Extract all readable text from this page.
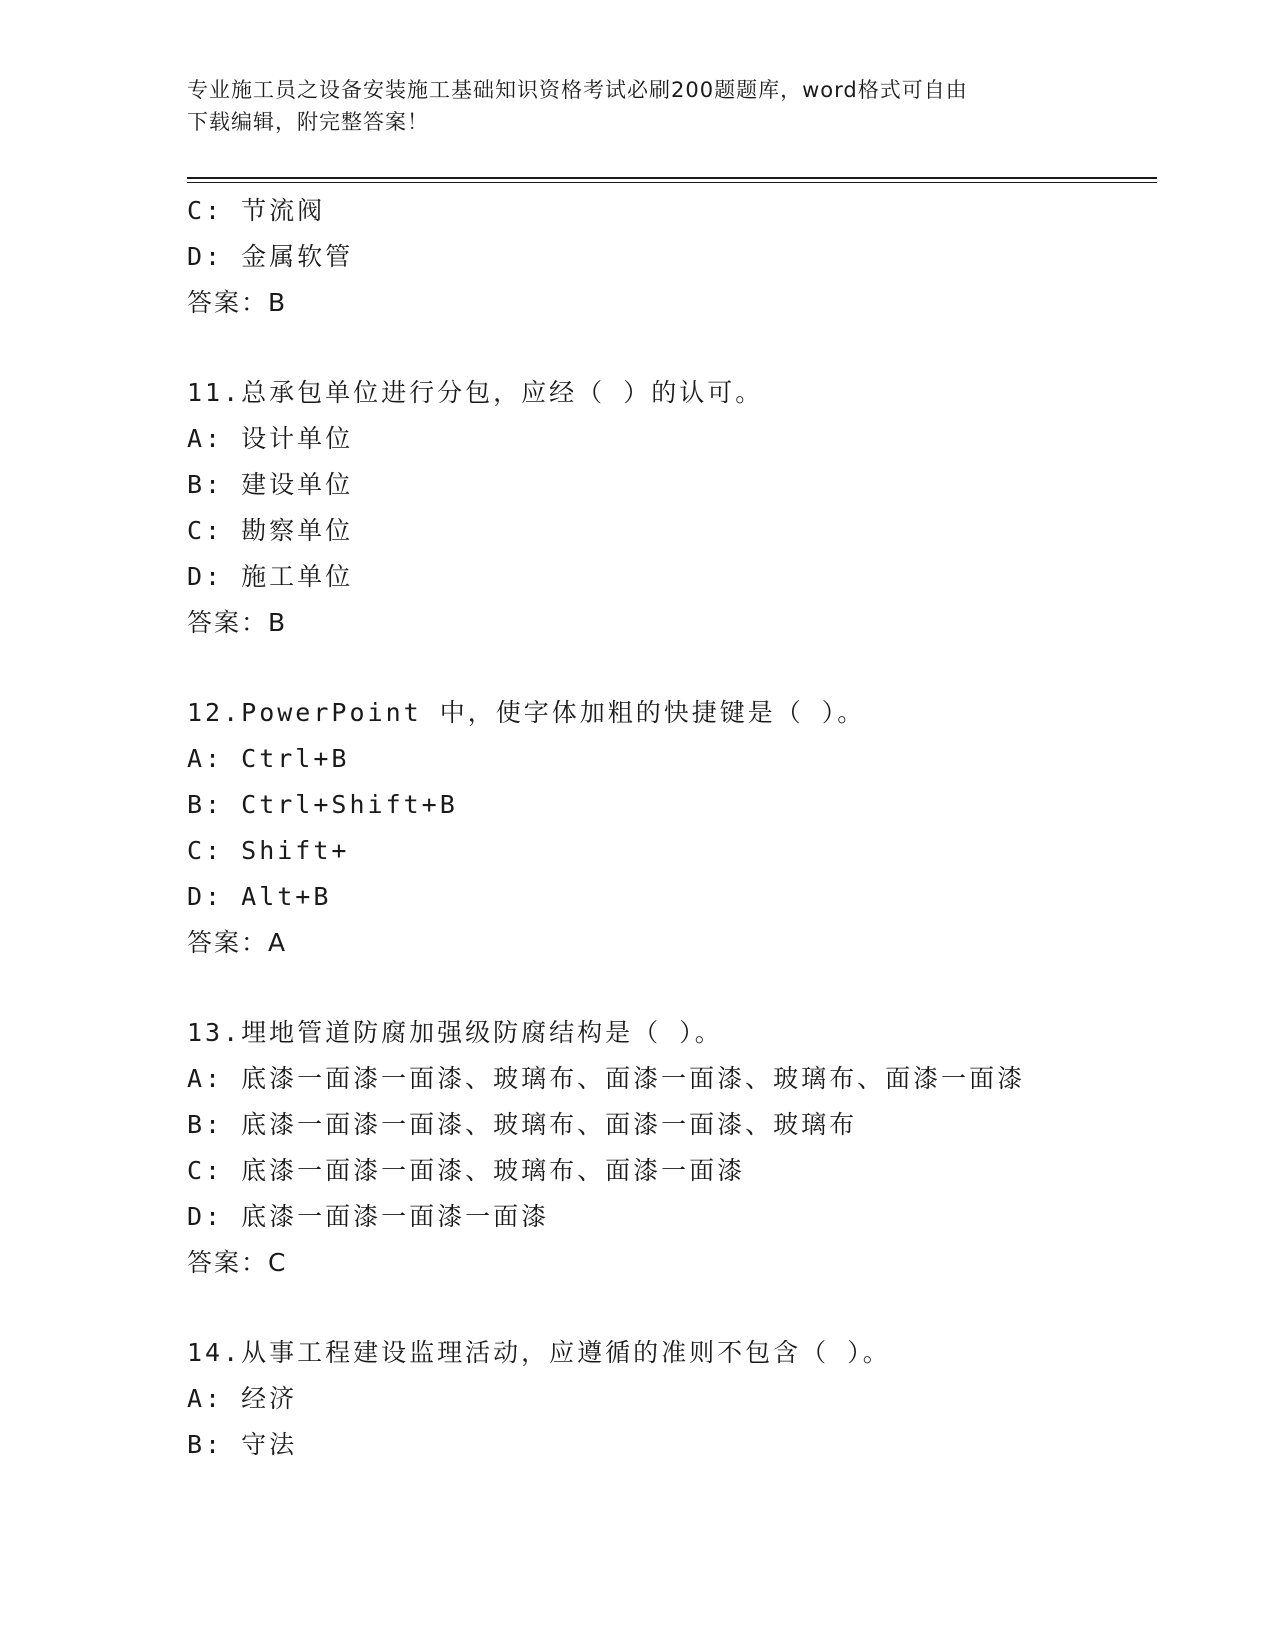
专业施工员之设备安装施工基础知识资格考试必刷200题题库，word格式可自由
下载编辑，附完整答案！
C: 节流阀
D: 金属软管
答案：B
11.总承包单位进行分包，应经（ ）的认可。
A: 设计单位
B: 建设单位
C: 勘察单位
D: 施工单位
答案：B
12.PowerPoint 中，使字体加粗的快捷键是（ ）。
A: Ctrl+B
B: Ctrl+Shift+B
C: Shift+
D: Alt+B
答案：A
13.埋地管道防腐加强级防腐结构是（ ）。
A: 底漆一面漆一面漆、玻璃布、面漆一面漆、玻璃布、面漆一面漆
B: 底漆一面漆一面漆、玻璃布、面漆一面漆、玻璃布
C: 底漆一面漆一面漆、玻璃布、面漆一面漆
D: 底漆一面漆一面漆一面漆
答案：C
14.从事工程建设监理活动，应遵循的准则不包含（ ）。
A: 经济
B: 守法
